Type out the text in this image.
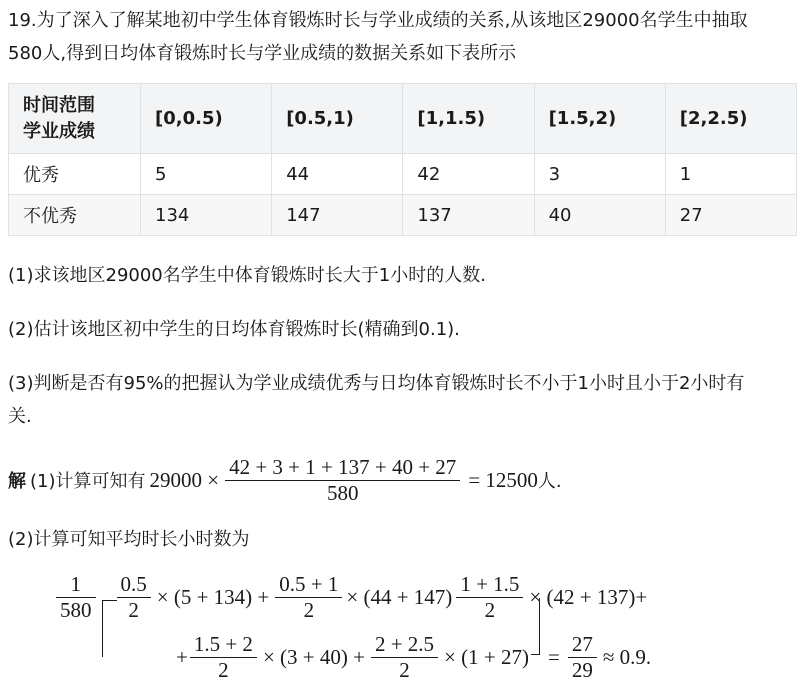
19.为了深入了解某地初中学生体育锻炼时长与学业成绩的关系,从该地区29000名学生中抽取
580人,得到日均体育锻炼时长与学业成绩的数据关系如下表所示
时间范围
学业成绩	[0,0.5)	[0.5,1)	[1,1.5)	[1.5,2)	[2,2.5)
优秀	5	44	42	3	1
不优秀	134	147	137	40	27
(1)求该地区29000名学生中体育锻炼时长大于1小时的人数.
(2)估计该地区初中学生的日均体育锻炼时长(精确到0.1).
(3)判断是否有95%的把握认为学业成绩优秀与日均体育锻炼时长不小于1小时且小于2小时有
关.
解 (1)计算可知有 $29000 \times \frac{42 + 3 + 1 + 137 + 40 + 27}{580} = 12500$ 人.
(2)计算可知平均时长小时数为
$\frac{1}{580} \frac{0.5}{2} \times (5 + 134) + \frac{0.5 + 1}{2} \times (44 + 147) \frac{1 + 1.5}{2} \times (42 + 137)+$
+ $\frac{1.5 + 2}{2} \times (3 + 40) + \frac{2 + 2.5}{2} \times (1 + 27) = \frac{27}{29} \approx 0.9$.
